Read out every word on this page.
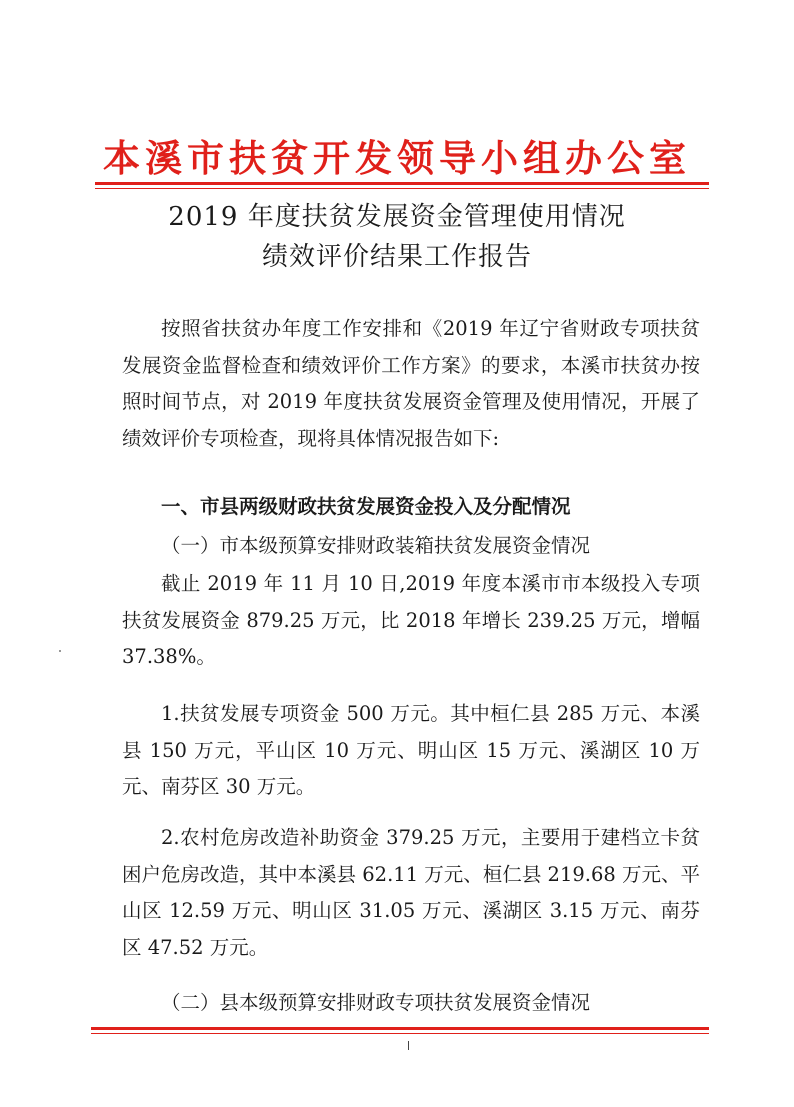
本溪市扶贫开发领导小组办公室
2019 年度扶贫发展资金管理使用情况
绩效评价结果工作报告

按照省扶贫办年度工作安排和《2019 年辽宁省财政专项扶贫发展资金监督检查和绩效评价工作方案》的要求，本溪市扶贫办按照时间节点，对 2019 年度扶贫发展资金管理及使用情况，开展了绩效评价专项检查，现将具体情况报告如下:

一、市县两级财政扶贫发展资金投入及分配情况

（一）市本级预算安排财政装箱扶贫发展资金情况

截止 2019 年 11 月 10 日,2019 年度本溪市市本级投入专项扶贫发展资金 879.25 万元，比 2018 年增长 239.25 万元，增幅 37.38%。

1.扶贫发展专项资金 500 万元。其中桓仁县 285 万元、本溪县 150 万元，平山区 10 万元、明山区 15 万元、溪湖区 10 万元、南芬区 30 万元。

2.农村危房改造补助资金 379.25 万元，主要用于建档立卡贫困户危房改造，其中本溪县 62.11 万元、桓仁县 219.68 万元、平山区 12.59 万元、明山区 31.05 万元、溪湖区 3.15 万元、南芬区 47.52 万元。

（二）县本级预算安排财政专项扶贫发展资金情况
